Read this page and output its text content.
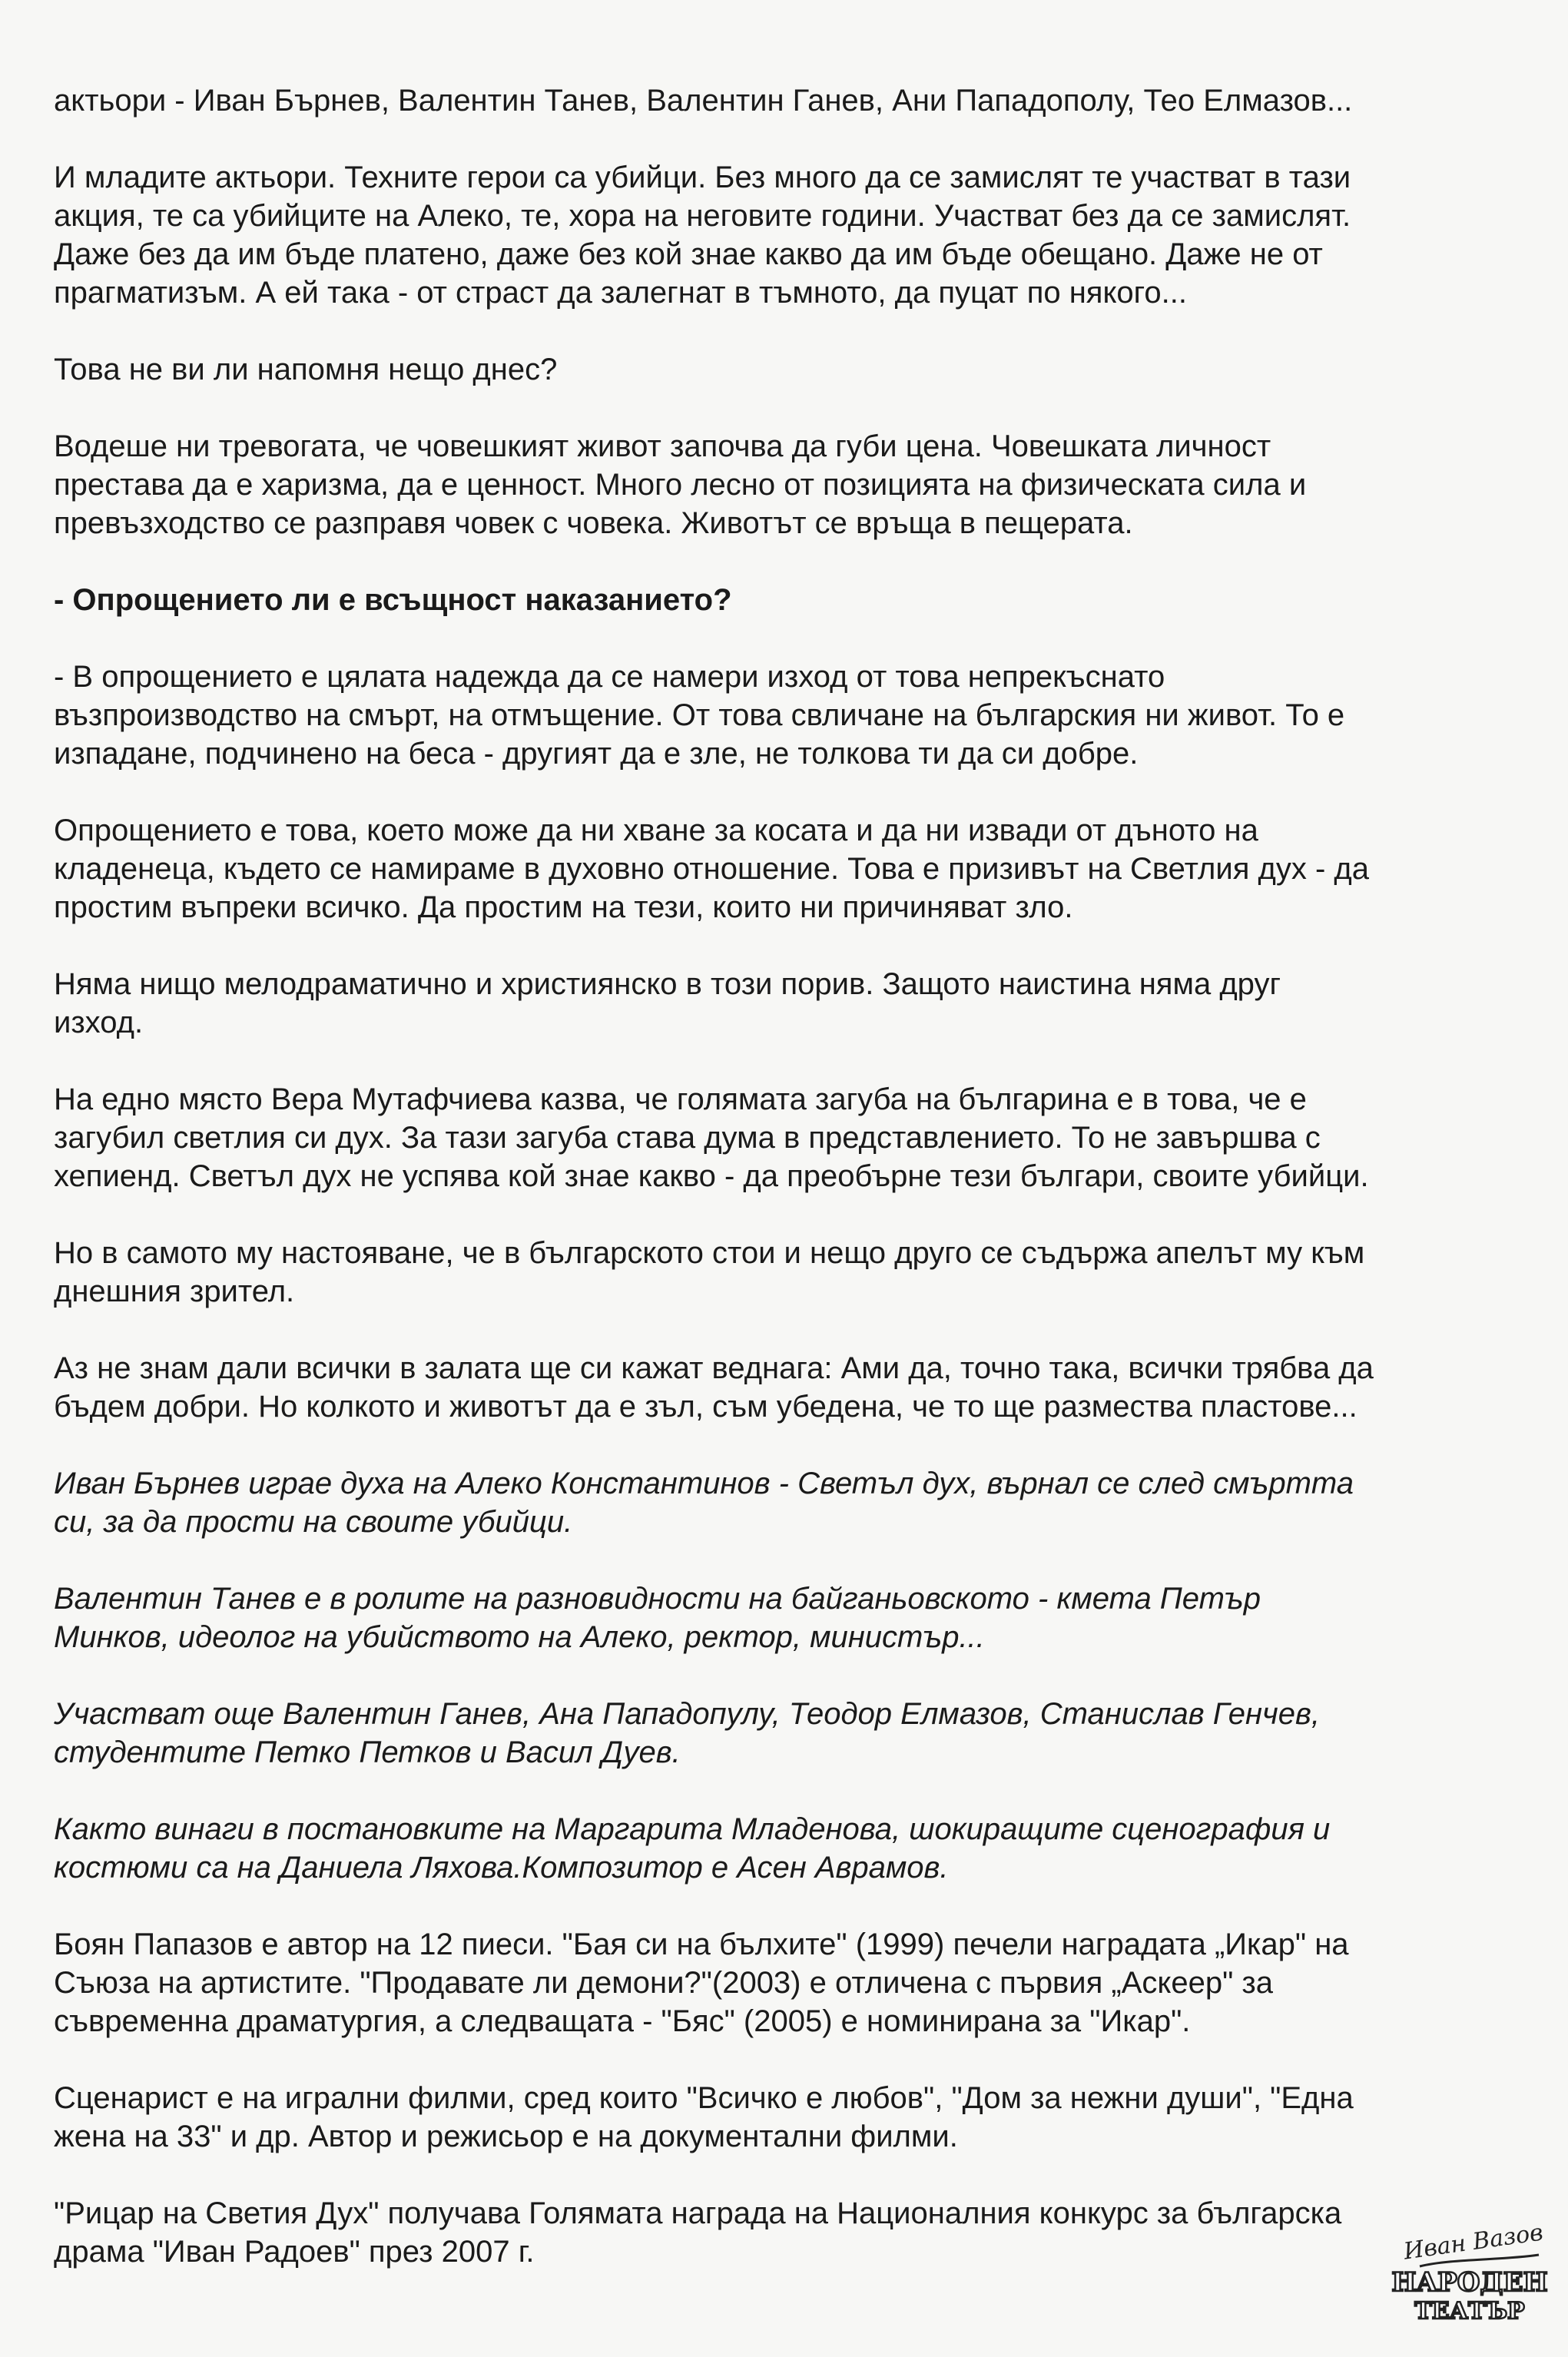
актьори - Иван Бърнев, Валентин Танев, Валентин Ганев, Ани Пападополу, Тео Елмазов...

И младите актьори. Техните герои са убийци. Без много да се замислят те участват в тази
акция, те са убийците на Алеко, те, хора на неговите години. Участват без да се замислят.
Даже без да им бъде платено, даже без кой знае какво да им бъде обещано. Даже не от
прагматизъм. А ей така - от страст да залегнат в тъмното, да пуцат по някого...

Това не ви ли напомня нещо днес?

Водеше ни тревогата, че човешкият живот започва да губи цена. Човешката личност
престава да е харизма, да е ценност. Много лесно от позицията на физическата сила и
превъзходство се разправя човек с човека. Животът се връща в пещерата.

- Опрощението ли е всъщност наказанието?

- В опрощението е цялата надежда да се намери изход от това непрекъснато
възпроизводство на смърт, на отмъщение. От това свличане на българския ни живот. То е
изпадане, подчинено на беса - другият да е зле, не толкова ти да си добре.

Опрощението е това, което може да ни хване за косата и да ни извади от дъното на
кладенеца, където се намираме в духовно отношение. Това е призивът на Светлия дух - да
простим въпреки всичко. Да простим на тези, които ни причиняват зло.

Няма нищо мелодраматично и християнско в този порив. Защото наистина няма друг
изход.

На едно място Вера Мутафчиева казва, че голямата загуба на българина е в това, че е
загубил светлия си дух. За тази загуба става дума в представлението. То не завършва с
хепиенд. Светъл дух не успява кой знае какво - да преобърне тези българи, своите убийци.

Но в самото му настояване, че в българското стои и нещо друго се съдържа апелът му към
днешния зрител.

Аз не знам дали всички в залата ще си кажат веднага: Ами да, точно така, всички трябва да
бъдем добри. Но колкото и животът да е зъл, съм убедена, че то ще размества пластове...

Иван Бърнев играе духа на Алеко Константинов - Светъл дух, върнал се след смъртта
си, за да прости на своите убийци.

Валентин Танев е в ролите на разновидности на байганьовското - кмета Петър
Минков, идеолог на убийството на Алеко, ректор, министър...

Участват още Валентин Ганев, Ана Пападопулу, Теодор Елмазов, Станислав Генчев,
студентите Петко Петков и Васил Дуев.

Както винаги в постановките на Маргарита Младенова, шокиращите сценография и
костюми са на Даниела Ляхова.Композитор е Асен Аврамов.

Боян Папазов е автор на 12 пиеси. "Бая си на бълхите" (1999) печели наградата „Икар" на
Съюза на артистите. "Продавате ли демони?"(2003) е отличена с първия „Аскеер" за
съвременна драматургия, а следващата - "Бяс" (2005) е номинирана за "Икар".

Сценарист е на игрални филми, сред които "Всичко е любов", "Дом за нежни души", "Една
жена на 33" и др. Автор и режисьор е на документални филми.

"Рицар на Светия Дух" получава Голямата награда на Националния конкурс за българска
драма "Иван Радоев" през 2007 г.	Иван Вазов
НАРОДЕН
ТЕАТЪР
